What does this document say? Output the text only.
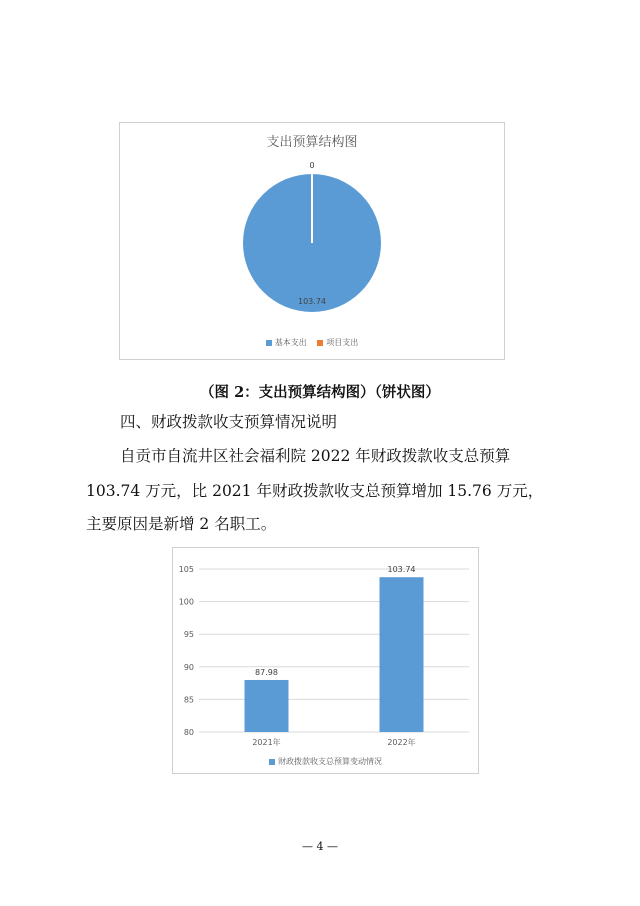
支出预算结构图
103.74
0
基本支出 项目支出
（图 2：支出预算结构图）（饼状图）
四、财政拨款收支预算情况说明
自贡市自流井区社会福利院 2022 年财政拨款收支总预算
103.74 万元，比 2021 年财政拨款收支总预算增加 15.76 万元，
主要原因是新增 2 名职工。
80
85
90
95
100
105
87.98
2021年
103.74
2022年
财政拨款收支总预算变动情况
— 4 —
